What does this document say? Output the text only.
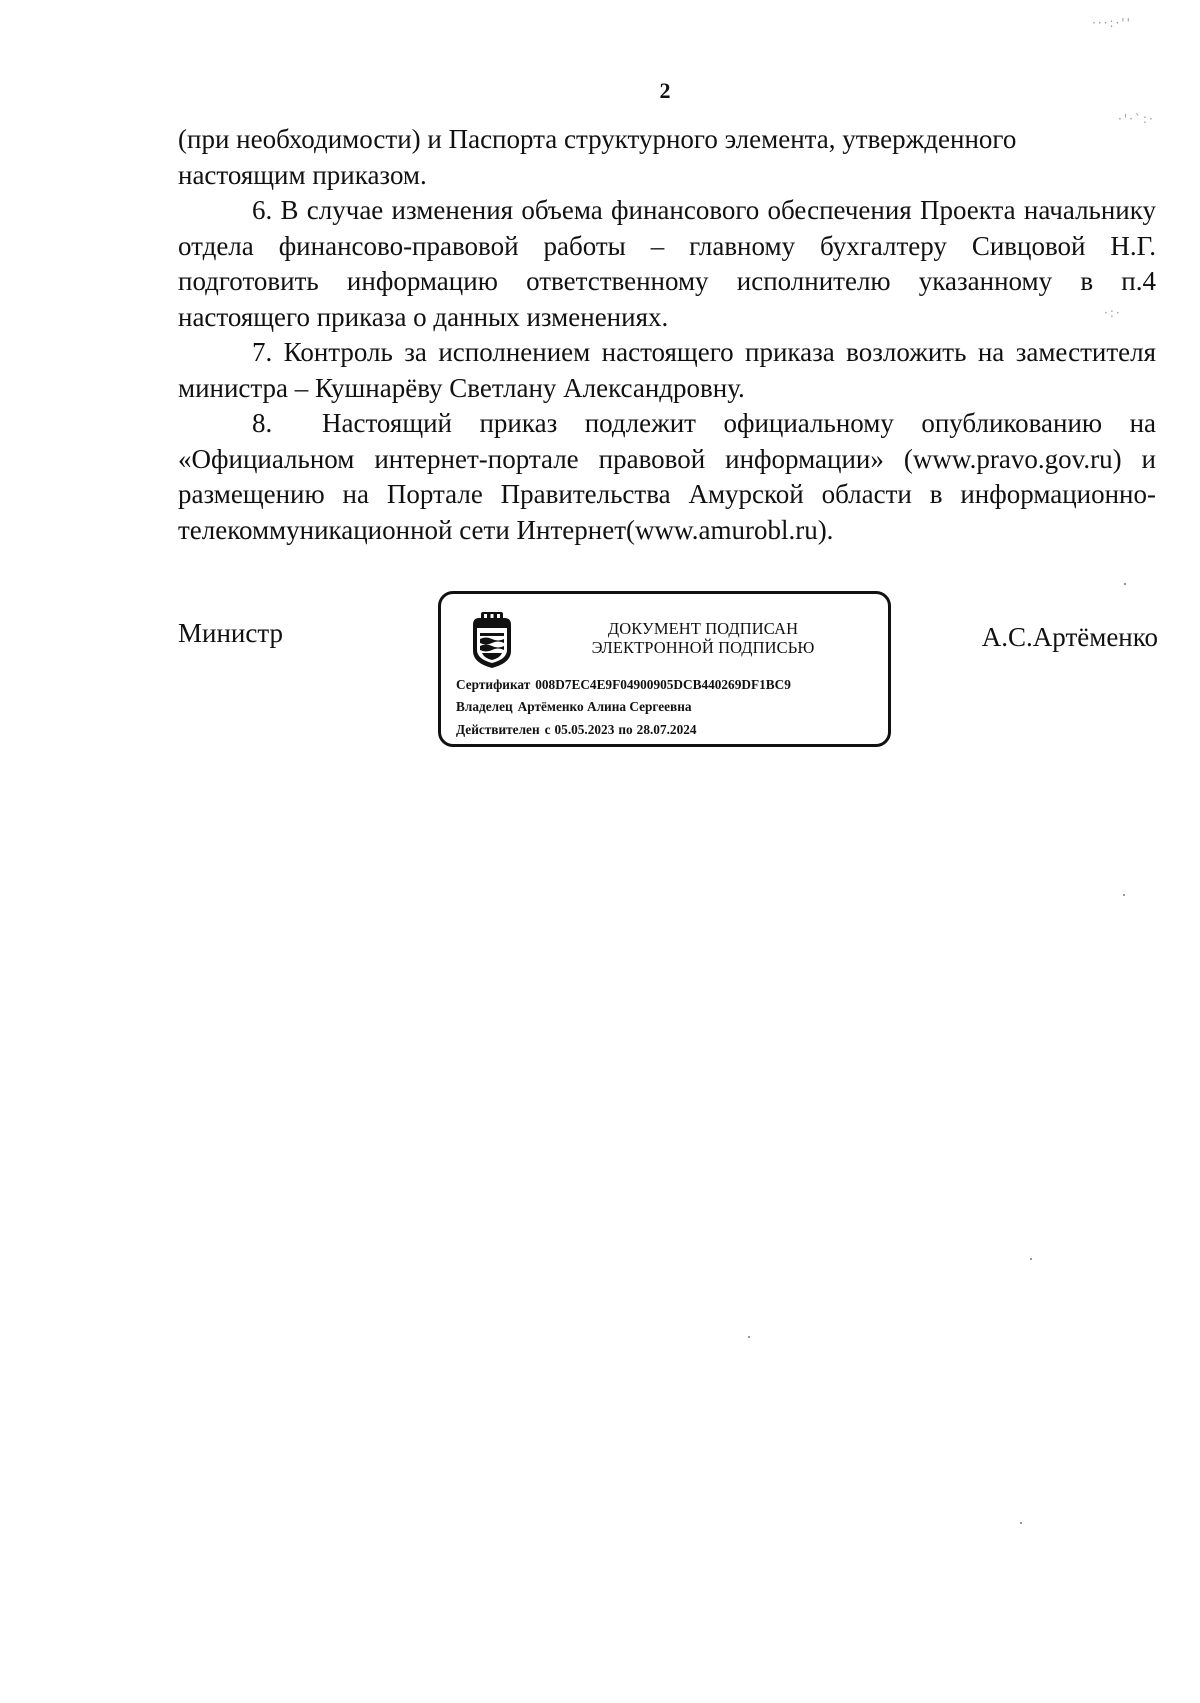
···:·''
·'·`:·
·:·
2

(при необходимости) и Паспорта структурного элемента, утвержденного
настоящим приказом.

6. В случае изменения объема финансового обеспечения Проекта начальнику отдела финансово-правовой работы – главному бухгалтеру Сивцовой Н.Г. подготовить информацию ответственному исполнителю указанному в п.4 настоящего приказа о данных изменениях.

7. Контроль за исполнением настоящего приказа возложить на заместителя министра – Кушнарёву Светлану Александровну.

8. Настоящий приказ подлежит официальному опубликованию на «Официальном интернет-портале правовой информации» (www.pravo.gov.ru) и размещению на Портале Правительства Амурской области в информационно-телекоммуникационной сети Интернет(www.amurobl.ru).

Министр	ДОКУМЕНТ ПОДПИСАН
ЭЛЕКТРОННОЙ ПОДПИСЬЮ
Сертификат 008D7EC4E9F04900905DCB440269DF1BC9
Владелец Артёменко Алина Сергеевна
Действителен с 05.05.2023 по 28.07.2024
А.С.Артёменко
